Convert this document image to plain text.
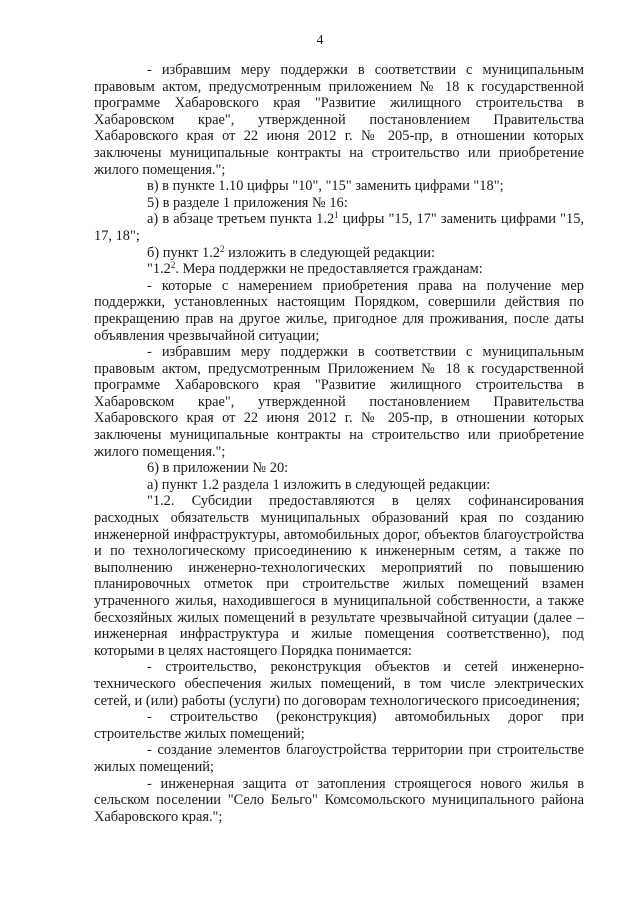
4

- избравшим меру поддержки в соответствии с муниципальным правовым актом, предусмотренным приложением № 18 к государственной программе Хабаровского края "Развитие жилищного строительства в Хабаровском крае", утвержденной постановлением Правительства Хабаровского края от 22 июня 2012 г. № 205-пр, в отношении которых заключены муниципальные контракты на строительство или приобретение жилого помещения.";

в) в пункте 1.10 цифры "10", "15" заменить цифрами "18";

5) в разделе 1 приложения № 16:

а) в абзаце третьем пункта $1.2^1$ цифры "15, 17" заменить цифрами "15, 17, 18";

б) пункт $1.2^2$ изложить в следующей редакции:

"$1.2^2$. Мера поддержки не предоставляется гражданам:

- которые с намерением приобретения права на получение мер поддержки, установленных настоящим Порядком, совершили действия по прекращению прав на другое жилье, пригодное для проживания, после даты объявления чрезвычайной ситуации;

- избравшим меру поддержки в соответствии с муниципальным правовым актом, предусмотренным Приложением № 18 к государственной программе Хабаровского края "Развитие жилищного строительства в Хабаровском крае", утвержденной постановлением Правительства Хабаровского края от 22 июня 2012 г. № 205-пр, в отношении которых заключены муниципальные контракты на строительство или приобретение жилого помещения.";

6) в приложении № 20:

а) пункт 1.2 раздела 1 изложить в следующей редакции:

"1.2. Субсидии предоставляются в целях софинансирования расходных обязательств муниципальных образований края по созданию инженерной инфраструктуры, автомобильных дорог, объектов благоустройства и по технологическому присоединению к инженерным сетям, а также по выполнению инженерно-технологических мероприятий по повышению планировочных отметок при строительстве жилых помещений взамен утраченного жилья, находившегося в муниципальной собственности, а также бесхозяйных жилых помещений в результате чрезвычайной ситуации (далее – инженерная инфраструктура и жилые помещения соответственно), под которыми в целях настоящего Порядка понимается:

- строительство, реконструкция объектов и сетей инженерно-технического обеспечения жилых помещений, в том числе электрических сетей, и (или) работы (услуги) по договорам технологического присоединения;

- строительство (реконструкция) автомобильных дорог при строительстве жилых помещений;

- создание элементов благоустройства территории при строительстве жилых помещений;

- инженерная защита от затопления строящегося нового жилья в сельском поселении "Село Бельго" Комсомольского муниципального района Хабаровского края.";
